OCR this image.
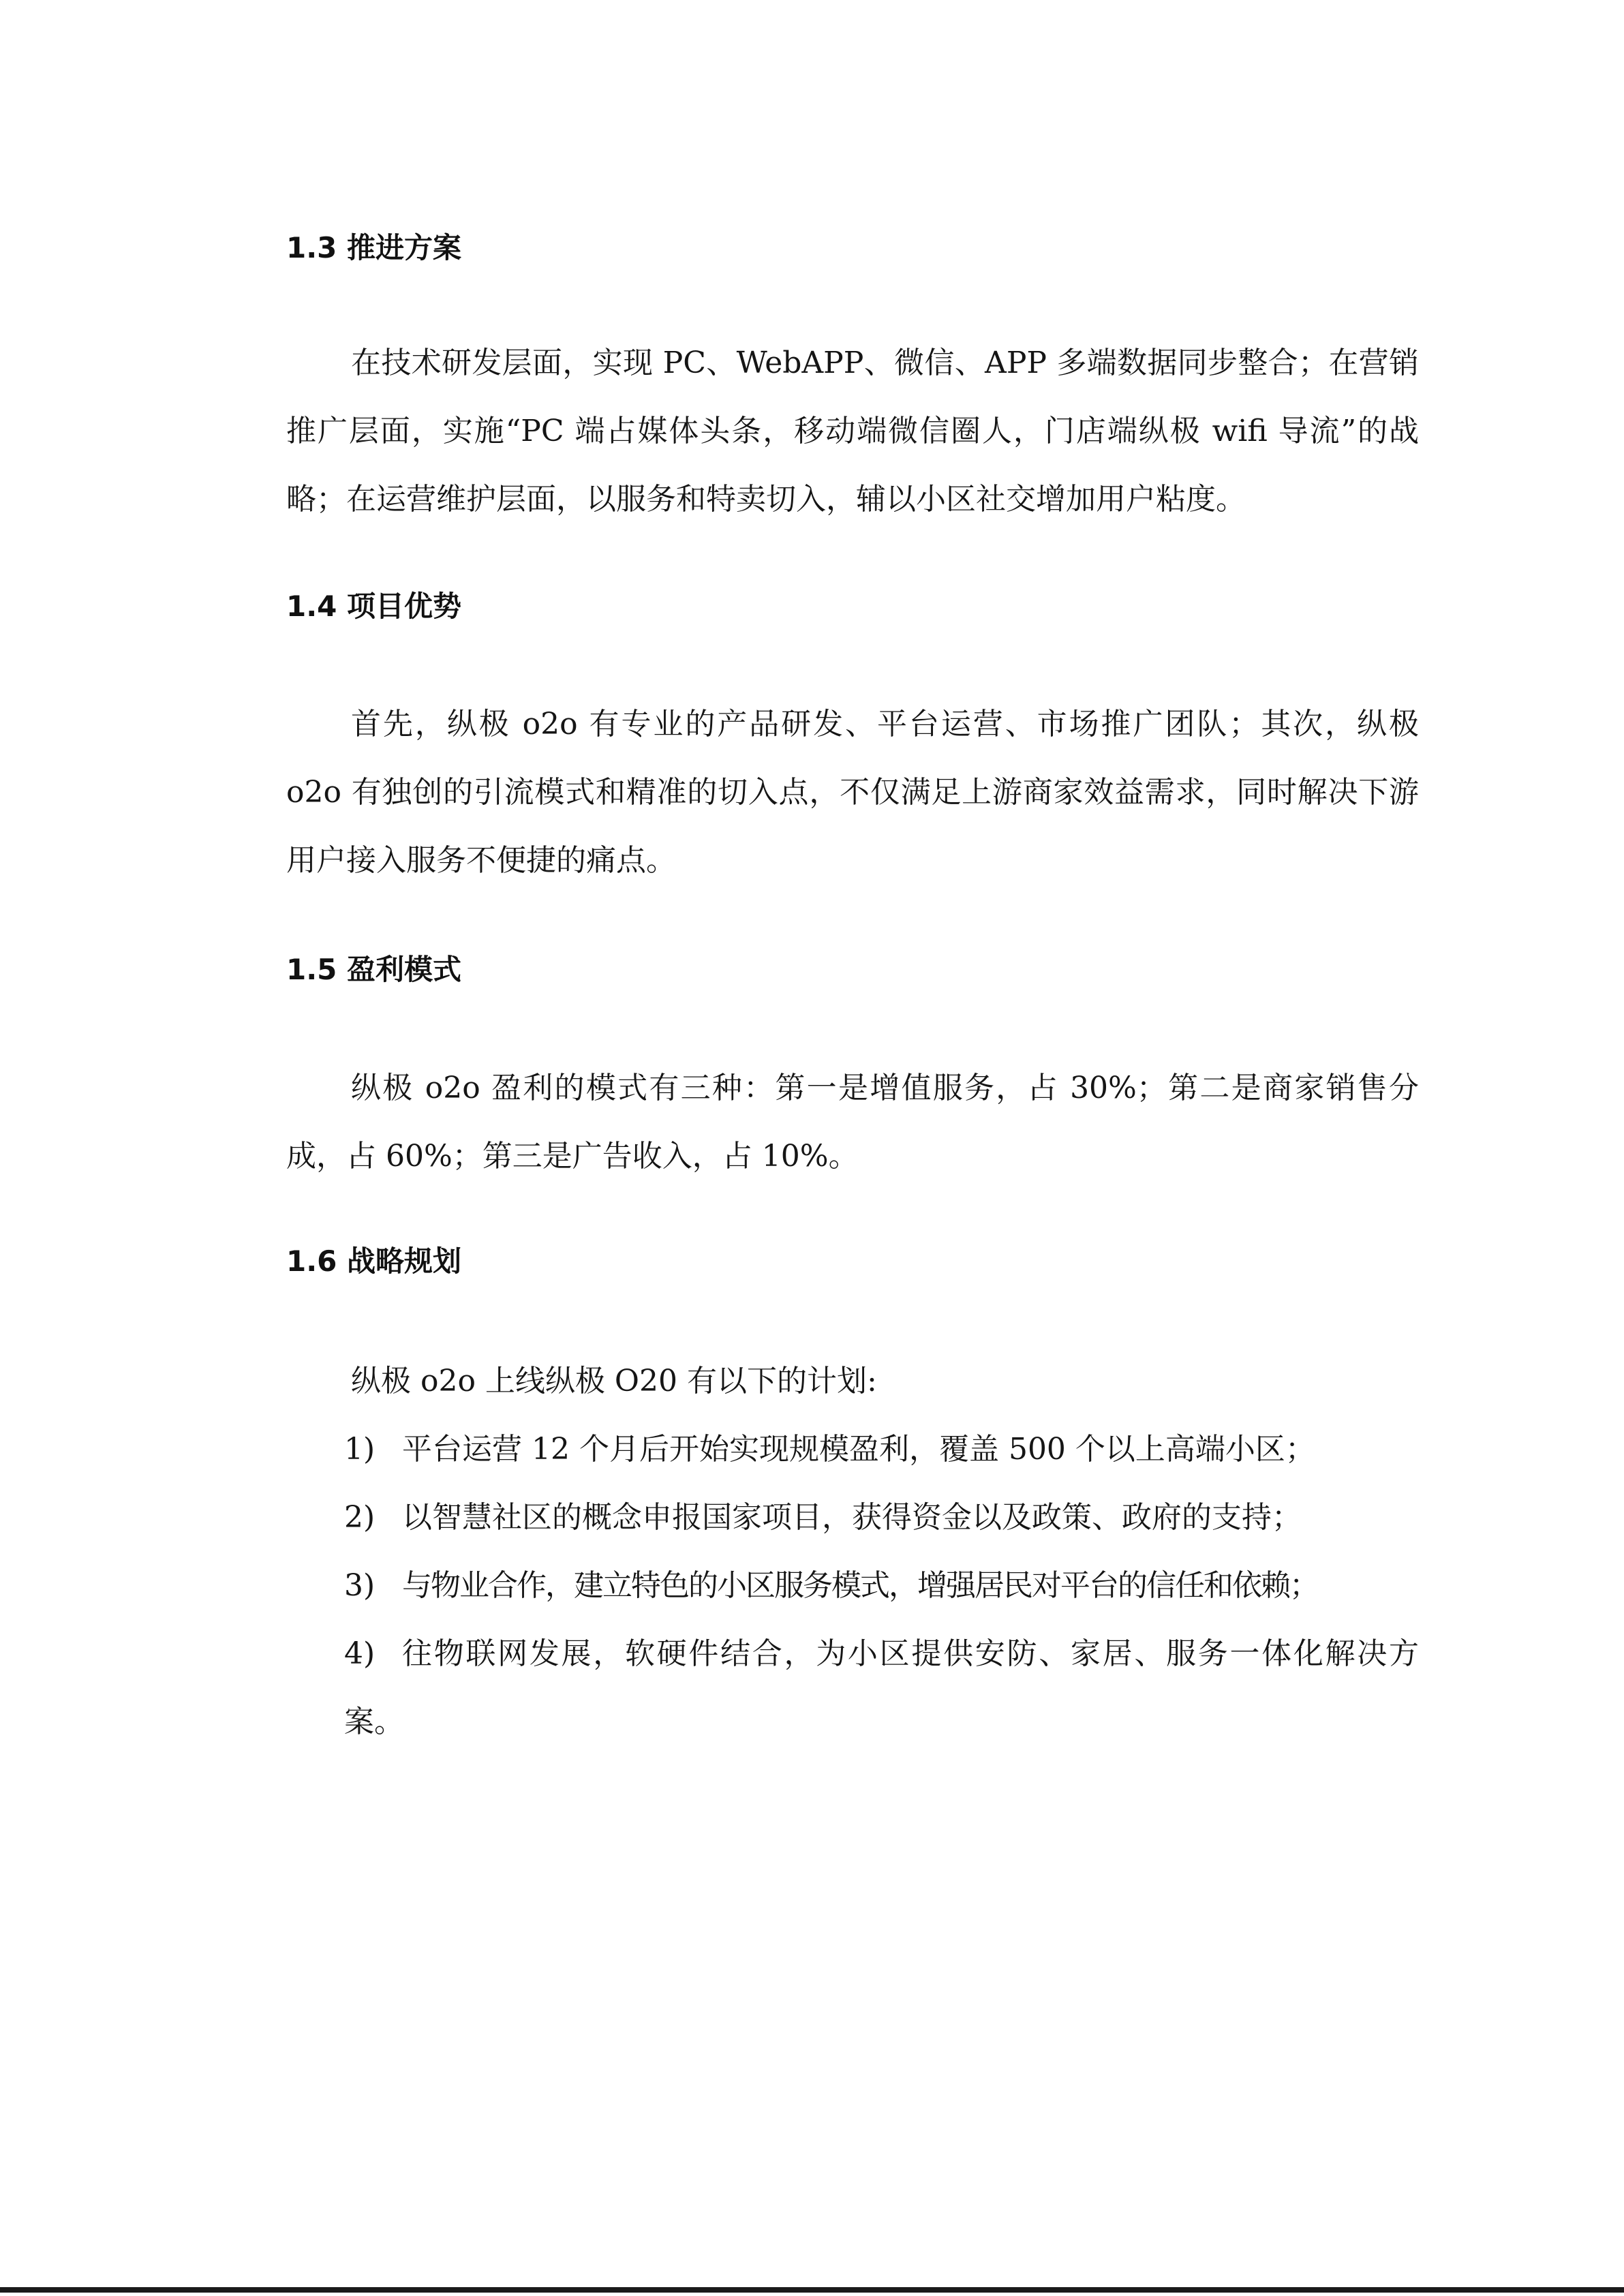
1.3 推进方案

在技术研发层面，实现 PC、WebAPP、微信、APP 多端数据同步整合；在营销推广层面，实施“PC 端占媒体头条，移动端微信圈人，门店端纵极 wifi 导流”的战略；在运营维护层面，以服务和特卖切入，辅以小区社交增加用户粘度。

1.4 项目优势

首先，纵极 o2o 有专业的产品研发、平台运营、市场推广团队；其次，纵极 o2o 有独创的引流模式和精准的切入点，不仅满足上游商家效益需求，同时解决下游用户接入服务不便捷的痛点。

1.5 盈利模式

纵极 o2o 盈利的模式有三种：第一是增值服务，占 30%；第二是商家销售分成，占 60%；第三是广告收入，占 10%。

1.6 战略规划
纵极 o2o 上线纵极 O20 有以下的计划:
1) 平台运营 12 个月后开始实现规模盈利，覆盖 500 个以上高端小区；
2) 以智慧社区的概念申报国家项目，获得资金以及政策、政府的支持；
3) 与物业合作，建立特色的小区服务模式，增强居民对平台的信任和依赖；
4) 往物联网发展，软硬件结合，为小区提供安防、家居、服务一体化解决方案。
